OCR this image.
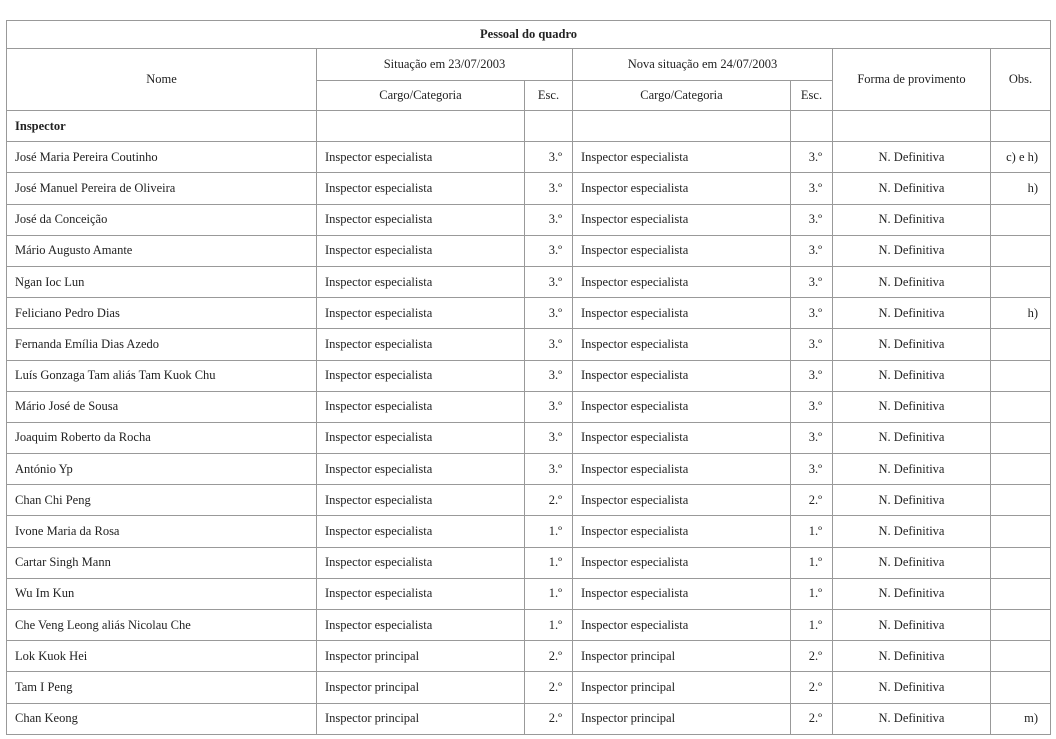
Pessoal do quadro						
Nome	Situação em 23/07/2003		Nova situação em 24/07/2003		Forma de provimento	Obs.
	Cargo/Categoria	Esc.	Cargo/Categoria	Esc.		
Inspector						
José Maria Pereira Coutinho	Inspector especialista	3.º	Inspector especialista	3.º	N. Definitiva	c) e h)
José Manuel Pereira de Oliveira	Inspector especialista	3.º	Inspector especialista	3.º	N. Definitiva	h)
José da Conceição	Inspector especialista	3.º	Inspector especialista	3.º	N. Definitiva	
Mário Augusto Amante	Inspector especialista	3.º	Inspector especialista	3.º	N. Definitiva	
Ngan Ioc Lun	Inspector especialista	3.º	Inspector especialista	3.º	N. Definitiva	
Feliciano Pedro Dias	Inspector especialista	3.º	Inspector especialista	3.º	N. Definitiva	h)
Fernanda Emília Dias Azedo	Inspector especialista	3.º	Inspector especialista	3.º	N. Definitiva	
Luís Gonzaga Tam aliás Tam Kuok Chu	Inspector especialista	3.º	Inspector especialista	3.º	N. Definitiva	
Mário José de Sousa	Inspector especialista	3.º	Inspector especialista	3.º	N. Definitiva	
Joaquim Roberto da Rocha	Inspector especialista	3.º	Inspector especialista	3.º	N. Definitiva	
António Yp	Inspector especialista	3.º	Inspector especialista	3.º	N. Definitiva	
Chan Chi Peng	Inspector especialista	2.º	Inspector especialista	2.º	N. Definitiva	
Ivone Maria da Rosa	Inspector especialista	1.º	Inspector especialista	1.º	N. Definitiva	
Cartar Singh Mann	Inspector especialista	1.º	Inspector especialista	1.º	N. Definitiva	
Wu Im Kun	Inspector especialista	1.º	Inspector especialista	1.º	N. Definitiva	
Che Veng Leong aliás Nicolau Che	Inspector especialista	1.º	Inspector especialista	1.º	N. Definitiva	
Lok Kuok Hei	Inspector principal	2.º	Inspector principal	2.º	N. Definitiva	
Tam I Peng	Inspector principal	2.º	Inspector principal	2.º	N. Definitiva	
Chan Keong	Inspector principal	2.º	Inspector principal	2.º	N. Definitiva	m)
